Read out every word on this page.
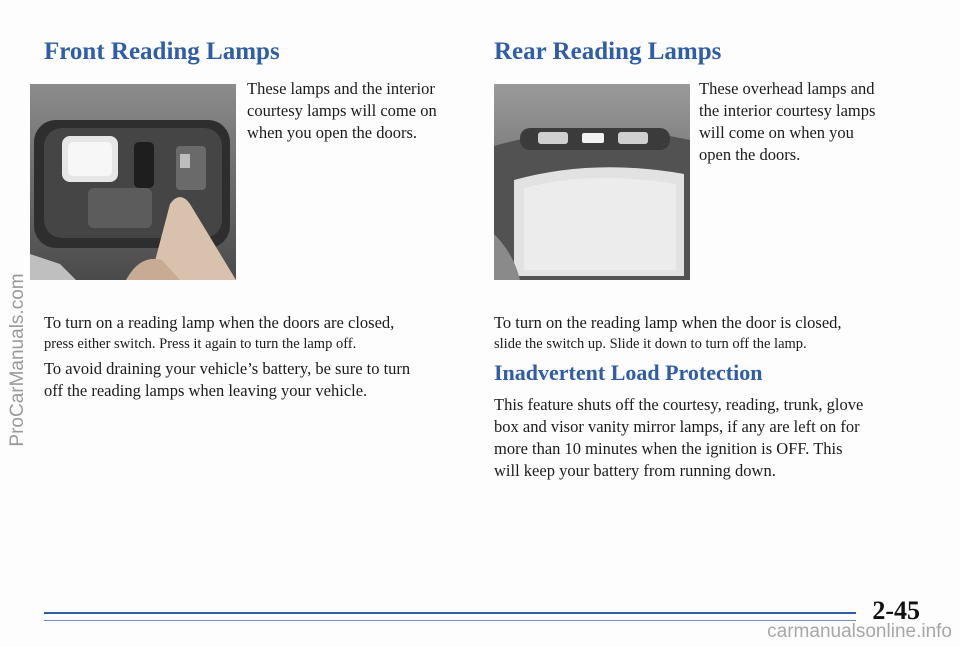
Front Reading Lamps
These lamps and the interior
courtesy lamps will come on
when you open the doors.
To turn on a reading lamp when the doors are closed,
press either switch. Press it again to turn the lamp off.
To avoid draining your vehicle’s battery, be sure to turn
off the reading lamps when leaving your vehicle.
Rear Reading Lamps
These overhead lamps and
the interior courtesy lamps
will come on when you
open the doors.
To turn on the reading lamp when the door is closed,
slide the switch up. Slide it down to turn off the lamp.
Inadvertent Load Protection
This feature shuts off the courtesy, reading, trunk, glove
box and visor vanity mirror lamps, if any are left on for
more than 10 minutes when the ignition is OFF. This
will keep your battery from running down.
2-45
ProCarManuals.com
carmanualsonline.info
